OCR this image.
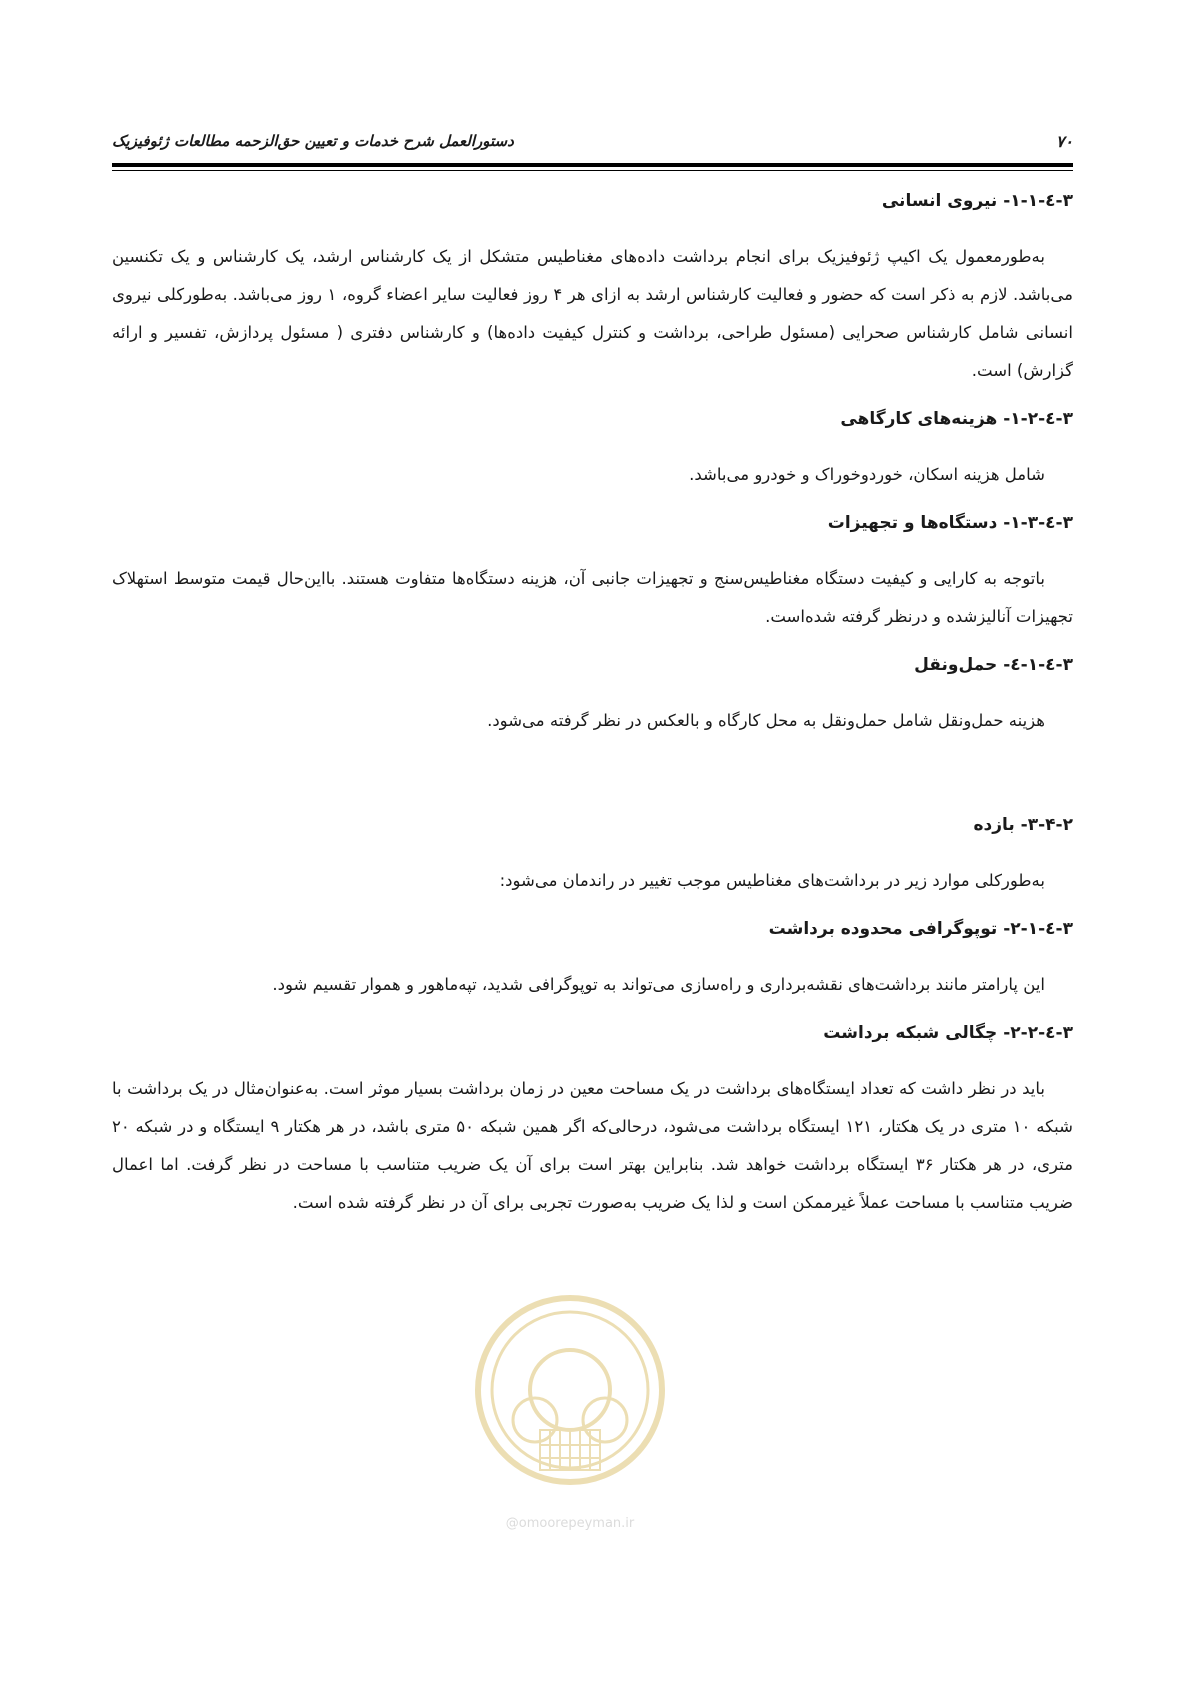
۷۰
دستورالعمل شرح خدمات و تعیین حق‌الزحمه مطالعات ژئوفیزیک
۳-٤-۱-۱- نیروی انسانی

به‌طورمعمول یک اکیپ ژئوفیزیک برای انجام برداشت داده‌های مغناطیس متشکل از یک کارشناس ارشد، یک کارشناس و یک تکنسین می‌باشد. لازم به ذکر است که حضور و فعالیت کارشناس ارشد به ازای هر ۴ روز فعالیت سایر اعضاء گروه، ۱ روز می‌باشد. به‌طورکلی نیروی انسانی شامل کارشناس صحرایی (مسئول طراحی، برداشت و کنترل کیفیت داده‌ها) و کارشناس دفتری ( مسئول پردازش، تفسیر و ارائه گزارش) است.

۳-٤-۱-۲- هزینه‌های کارگاهی

شامل هزینه اسکان، خوردوخوراک و خودرو می‌باشد.

۳-٤-۱-۳- دستگاه‌ها و تجهیزات

باتوجه به کارایی و کیفیت دستگاه مغناطیس‌سنج و تجهیزات جانبی آن، هزینه دستگاه‌ها متفاوت هستند. بااین‌حال قیمت متوسط استهلاک تجهیزات آنالیزشده و درنظر گرفته شده‌است.

۳-٤-۱-٤- حمل‌ونقل

هزینه حمل‌ونقل شامل حمل‌ونقل به محل کارگاه و بالعکس در نظر گرفته می‌شود.

۳-۴-۲- بازده

به‌طورکلی موارد زیر در برداشت‌های مغناطیس موجب تغییر در راندمان می‌شود:

۳-٤-۲-۱- توپوگرافی محدوده برداشت

این پارامتر مانند برداشت‌های نقشه‌برداری و راه‌سازی می‌تواند به توپوگرافی شدید، تپه‌ماهور و هموار تقسیم شود.

۳-٤-۲-۲- چگالی شبکه برداشت

باید در نظر داشت که تعداد ایستگاه‌های برداشت در یک مساحت معین در زمان برداشت بسیار موثر است. به‌عنوان‌مثال در یک برداشت با شبکه ۱۰ متری در یک هکتار، ۱۲۱ ایستگاه برداشت می‌شود، درحالی‌که اگر همین شبکه ۵۰ متری باشد، در هر هکتار ۹ ایستگاه و در شبکه ۲۰ متری، در هر هکتار ۳۶ ایستگاه برداشت خواهد شد. بنابراین بهتر است برای آن یک ضریب متناسب با مساحت در نظر گرفت. اما اعمال ضریب متناسب با مساحت عملاً غیرممکن است و لذا یک ضریب به‌صورت تجربی برای آن در نظر گرفته شده است.

@omoorepeyman.ir
